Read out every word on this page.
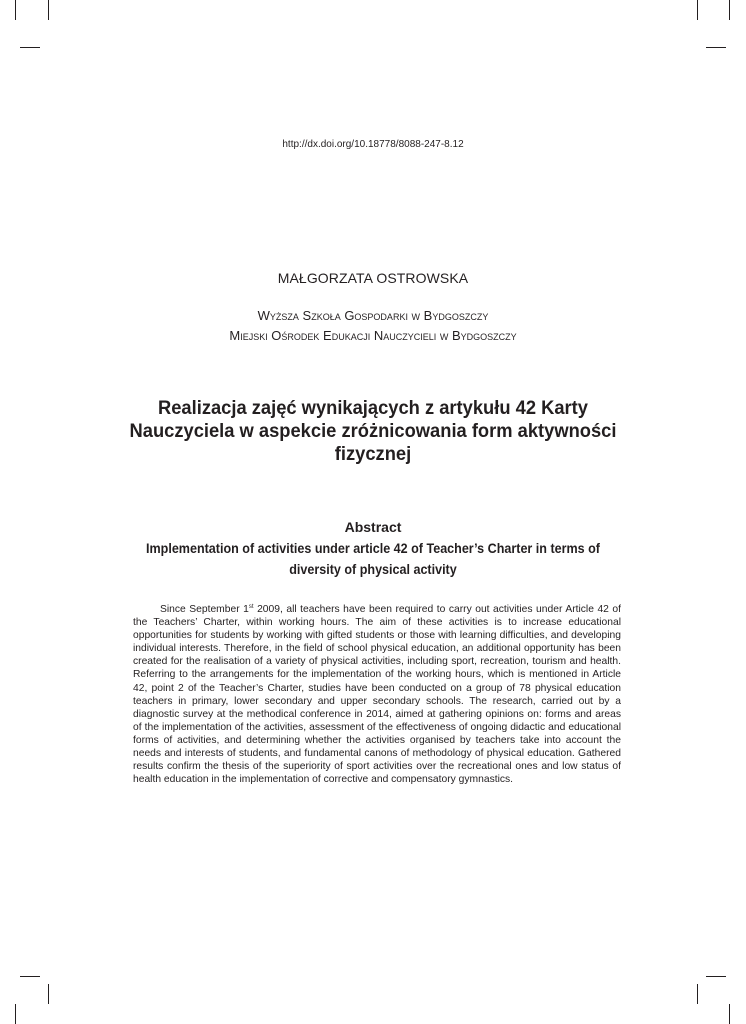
http://dx.doi.org/10.18778/8088-247-8.12
MAŁGORZATA OSTROWSKA
Wyższa Szkoła Gospodarki w Bydgoszczy
Miejski Ośrodek Edukacji Nauczycieli w Bydgoszczy
Realizacja zajęć wynikających z artykułu 42 Karty Nauczyciela w aspekcie zróżnicowania form aktywności fizycznej
Abstract
Implementation of activities under article 42 of Teacher’s Charter in terms of diversity of physical activity
Since September 1st 2009, all teachers have been required to carry out activities under Article 42 of the Teachers’ Charter, within working hours. The aim of these activities is to increase educational opportunities for students by working with gifted students or those with learning difficulties, and developing individual interests. Therefore, in the field of school physical education, an additional opportunity has been created for the realisation of a variety of physical activities, including sport, recreation, tourism and health. Referring to the arrangements for the implementation of the working hours, which is mentioned in Article 42, point 2 of the Teacher’s Charter, studies have been conducted on a group of 78 physical education teachers in primary, lower secondary and upper secondary schools. The research, carried out by a diagnostic survey at the methodical conference in 2014, aimed at gathering opinions on: forms and areas of the implementation of the activities, assessment of the effectiveness of ongoing didactic and educational forms of activities, and determining whether the activities organised by teachers take into account the needs and interests of students, and fundamental canons of methodology of physical education. Gathered results confirm the thesis of the superiority of sport activities over the recreational ones and low status of health education in the implementation of corrective and compensatory gymnastics.
